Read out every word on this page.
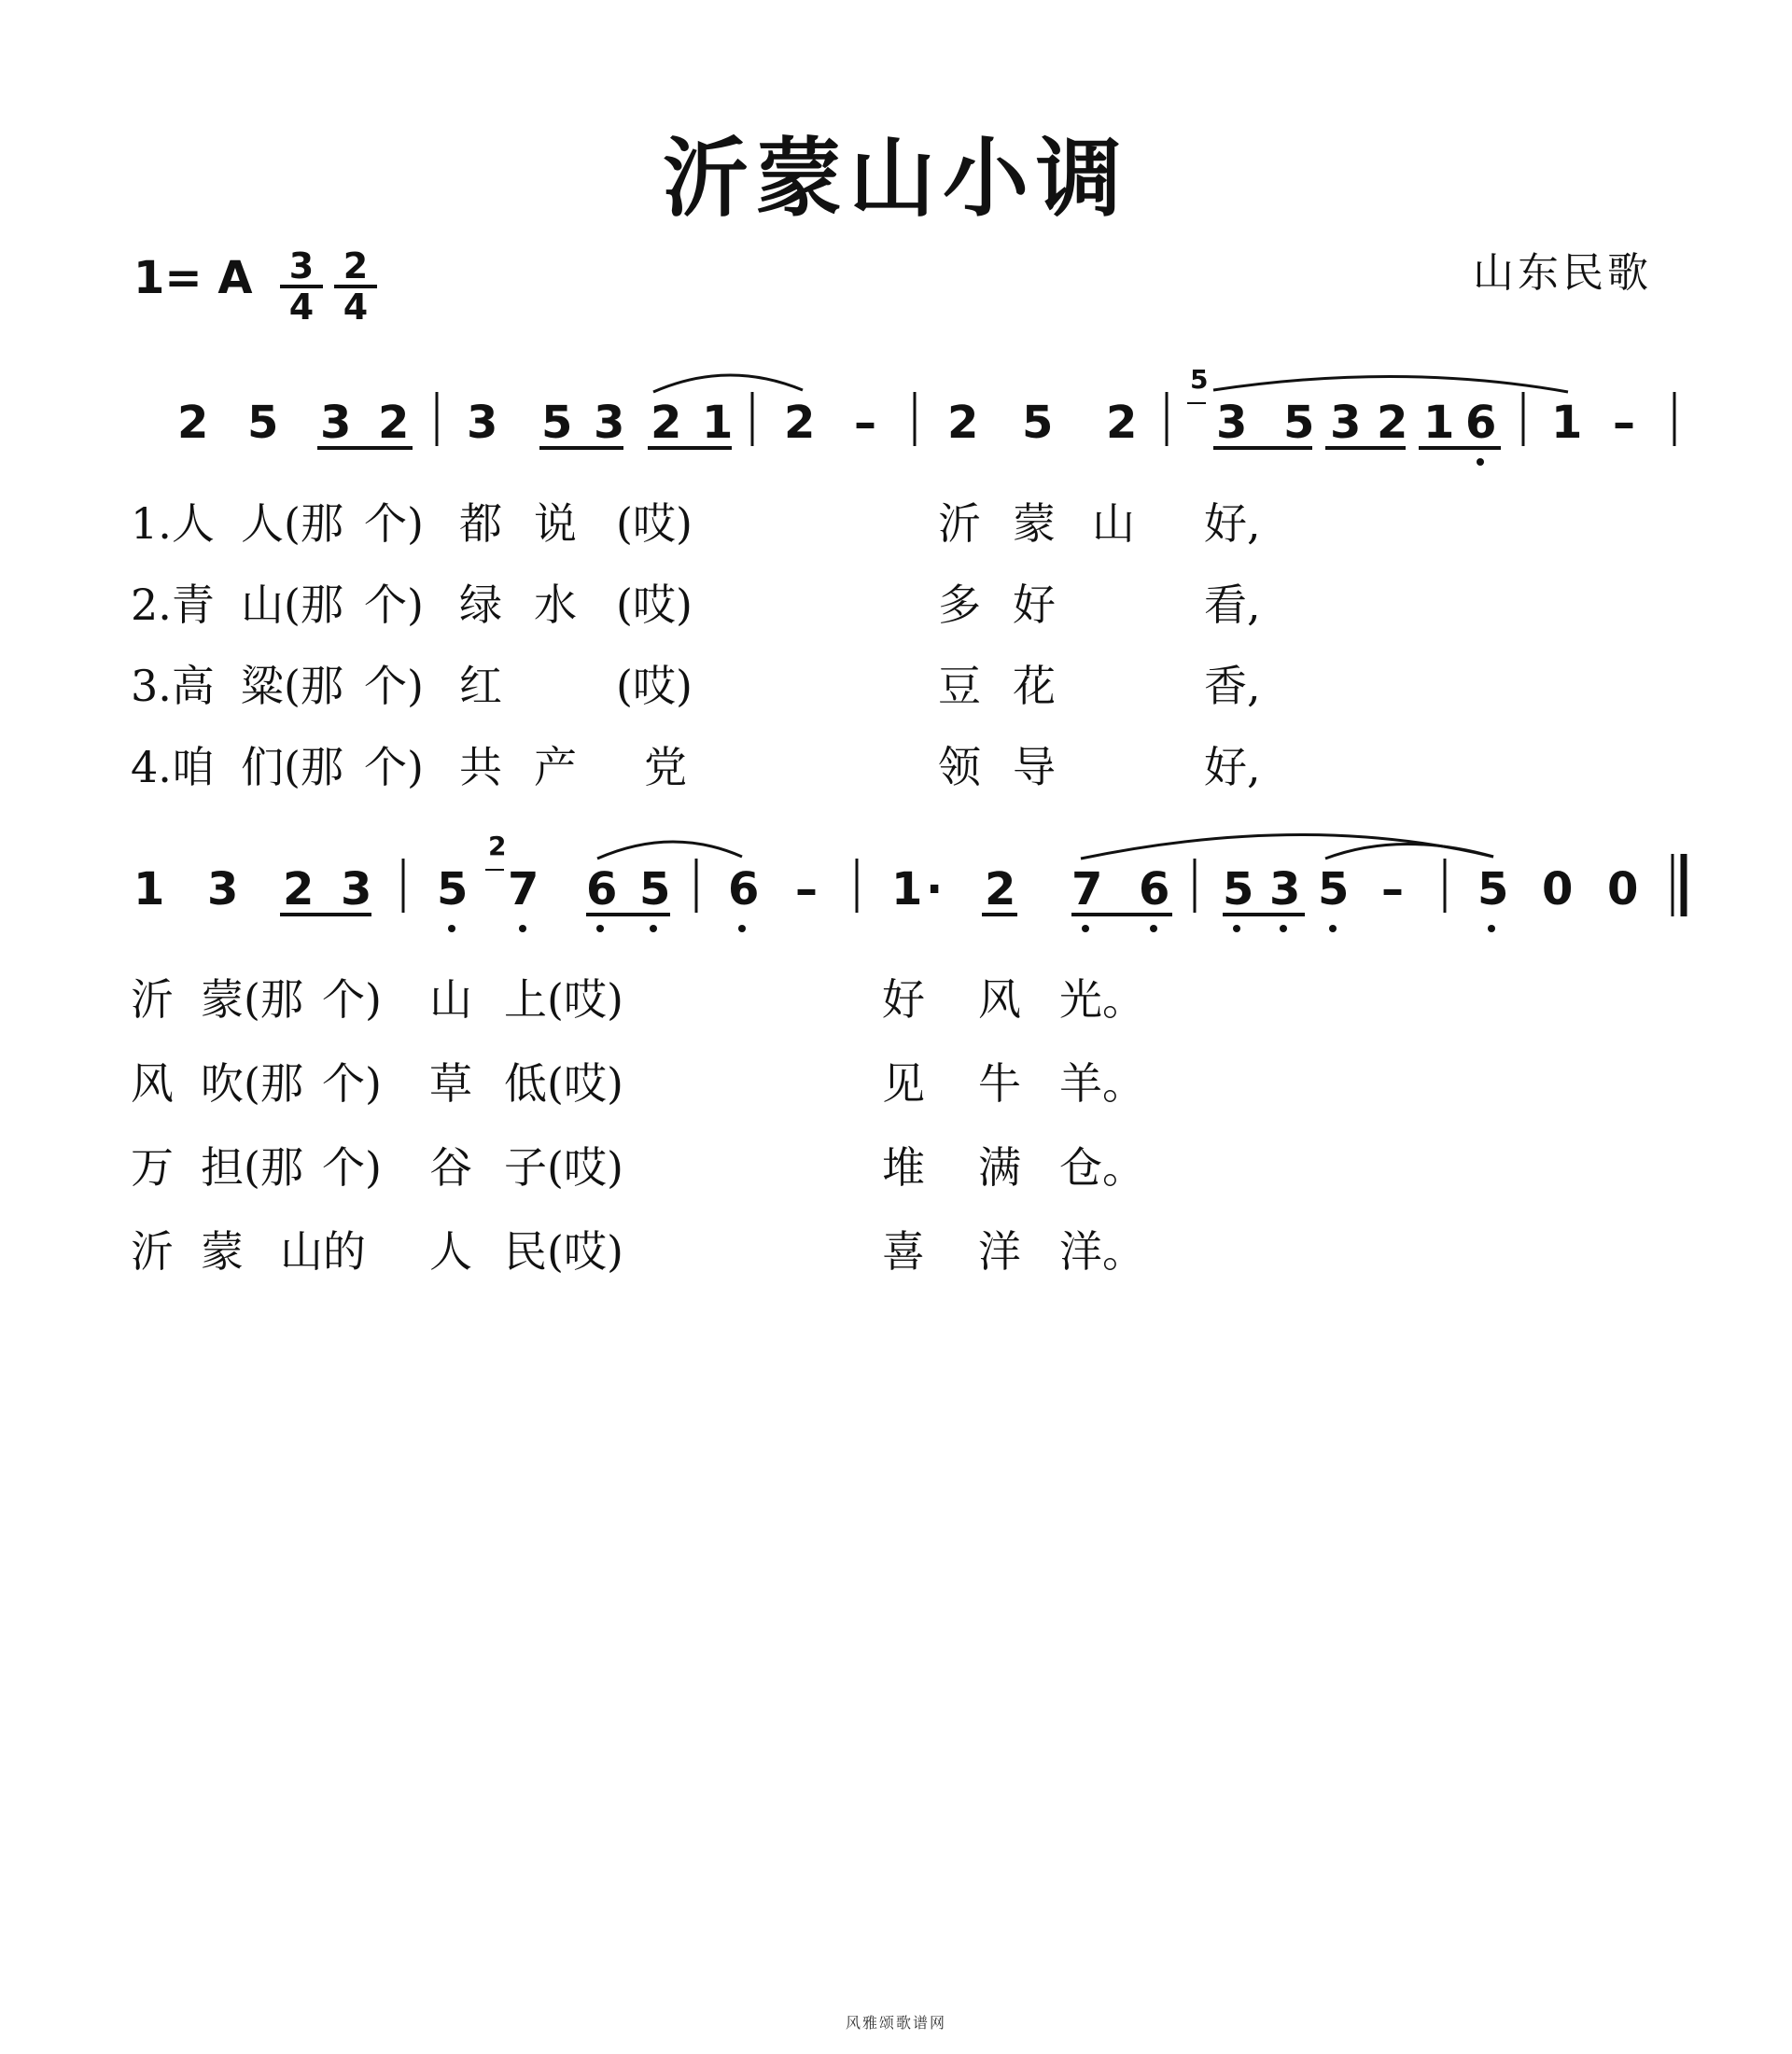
沂蒙山小调
山东民歌
1= A $\frac{3}{4} \frac{2}{4}$
5
2 5 3 2 3 5 3 2 1 2 – 2 5 2 3 5 3 2 1 6 1 –
1.人 人(那 个) 都 说 (哎)	沂 蒙 山 好,
2.青 山(那 个) 绿 水 (哎)	多 好	看,
3.高 粱(那 个) 红	(哎)	豆 花	香,
4.咱 们(那 个) 共 产 党	领 导	好,
2
1 3 2 3 5 7 6 5 6 – 1 · 2 7 6 5 3 5 – 5 0 0
沂 蒙(那 个) 山 上(哎)	好 风 光。
风 吹(那 个) 草 低(哎)	见 牛 羊。
万 担(那 个) 谷 子(哎)	堆 满 仓。
沂 蒙 山的 人 民(哎)	喜 洋 洋。
风雅颂歌谱网
